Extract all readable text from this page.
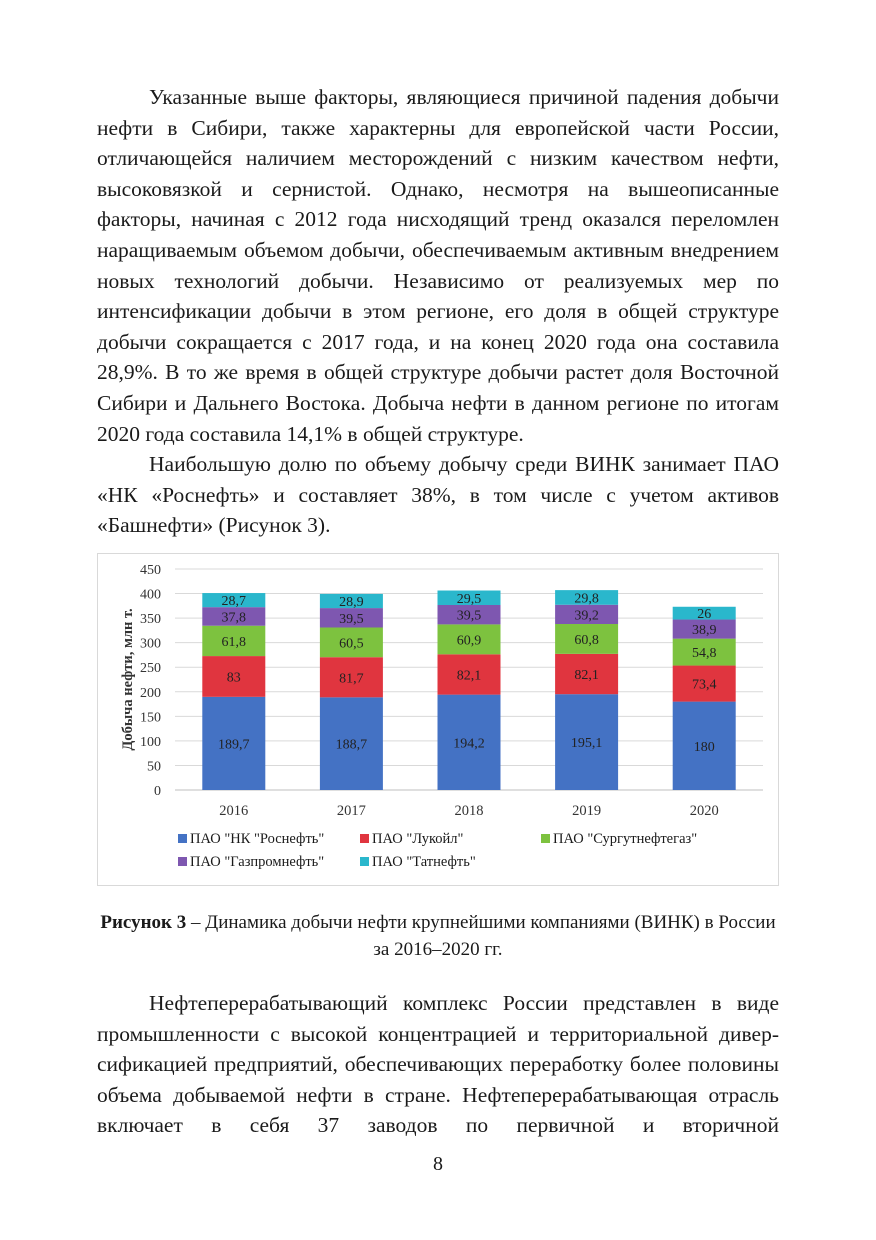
Указанные выше факторы, являющиеся причиной падения добычи нефти в Сибири, также характерны для европейской части России, отличающейся наличием месторождений с низким качеством нефти, высоковязкой и сернистой. Однако, несмотря на вышеописанные факторы, начиная с 2012 года нисходящий тренд оказался переломлен наращиваемым объемом добычи, обеспечиваемым активным внедрением новых технологий добычи. Независимо от реализуемых мер по интенсификации добычи в этом регионе, его доля в общей структуре добычи сокращается с 2017 года, и на конец 2020 года она составила 28,9%. В то же время в общей структуре добычи растет доля Восточной Сибири и Дальнего Востока. Добыча нефти в данном регионе по итогам 2020 года составила 14,1% в общей структуре.

Наибольшую долю по объему добычу среди ВИНК занимает ПАО «НК «Роснефть» и составляет 38%, в том числе с учетом активов «Башнефти» (Рисунок 3).

0
50
100
150
200
250
300
350
400
450
Добыча нефти, млн т.	189,7
83
61,8
37,8
28,7
2016
188,7
81,7
60,5
39,5
28,9
2017
194,2
82,1
60,9
39,5
29,5
2018
195,1
82,1
60,8
39,2
29,8
2019
180
73,4
54,8
38,9
26
2020
ПАО "НК "Роснефть"	ПАО "Лукойл"	ПАО "Сургутнефтегаз"
ПАО "Газпромнефть"	ПАО "Татнефть"

Рисунок 3 – Динамика добычи нефти крупнейшими компаниями (ВИНК) в России за 2016–2020 гг.

Нефтеперерабатывающий комплекс России представлен в виде промышленности с высокой концентрацией и территориальной диверсификацией предприятий, обеспечивающих переработку более половины объема добываемой нефти в стране. Нефтеперерабатывающая отрасль включает в себя 37 заводов по первичной и вторичной

8
